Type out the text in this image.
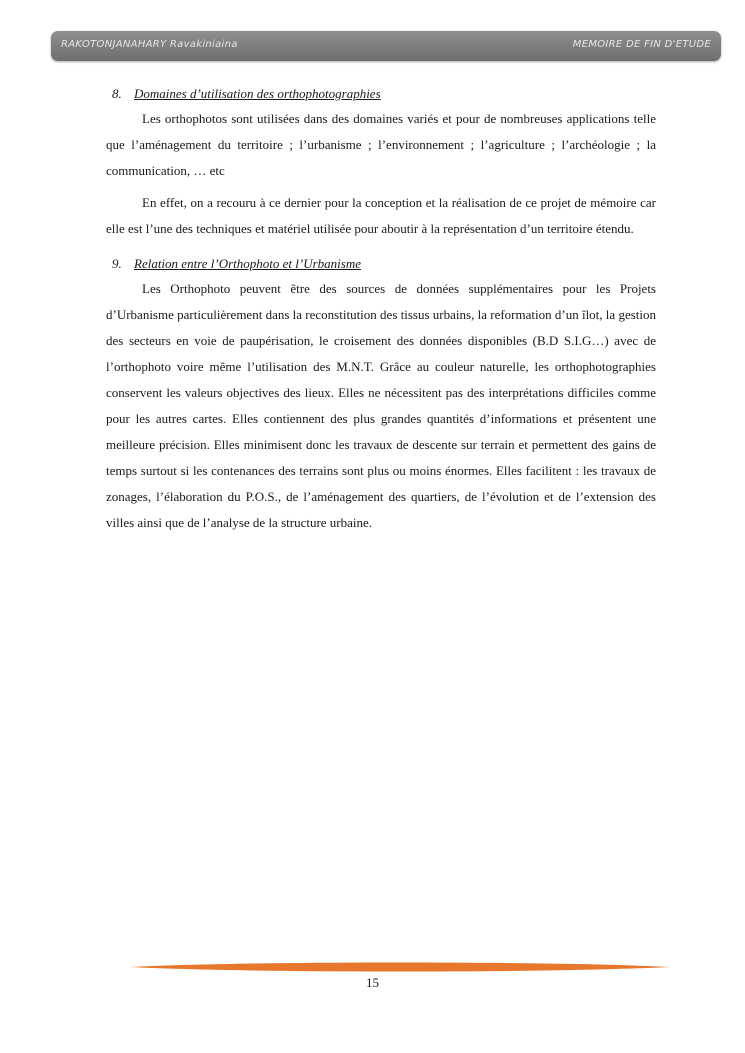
RAKOTONJANAHARY Ravakiniaina	MEMOIRE DE FIN D'ETUDE
8. Domaines d’utilisation des orthophotographies

Les orthophotos sont utilisées dans des domaines variés et pour de nombreuses applications telle que l’aménagement du territoire ; l’urbanisme ; l’environnement ; l’agriculture ; l’archéologie ; la communication, … etc

En effet, on a recouru à ce dernier pour la conception et la réalisation de ce projet de mémoire car elle est l’une des techniques et matériel utilisée pour aboutir à la représentation d’un territoire étendu.

9. Relation entre l’Orthophoto et l’Urbanisme

Les Orthophoto peuvent être des sources de données supplémentaires pour les Projets d’Urbanisme particulièrement dans la reconstitution des tissus urbains, la reformation d’un îlot, la gestion des secteurs en voie de paupérisation, le croisement des données disponibles (B.D S.I.G…) avec de l’orthophoto voire même l’utilisation des M.N.T. Grâce au couleur naturelle, les orthophotographies conservent les valeurs objectives des lieux. Elles ne nécessitent pas des interprétations difficiles comme pour les autres cartes. Elles contiennent des plus grandes quantités d’informations et présentent une meilleure précision. Elles minimisent donc les travaux de descente sur terrain et permettent des gains de temps surtout si les contenances des terrains sont plus ou moins énormes. Elles facilitent : les travaux de zonages, l’élaboration du P.O.S., de l’aménagement des quartiers, de l’évolution et de l’extension des villes ainsi que de l’analyse de la structure urbaine.

15
